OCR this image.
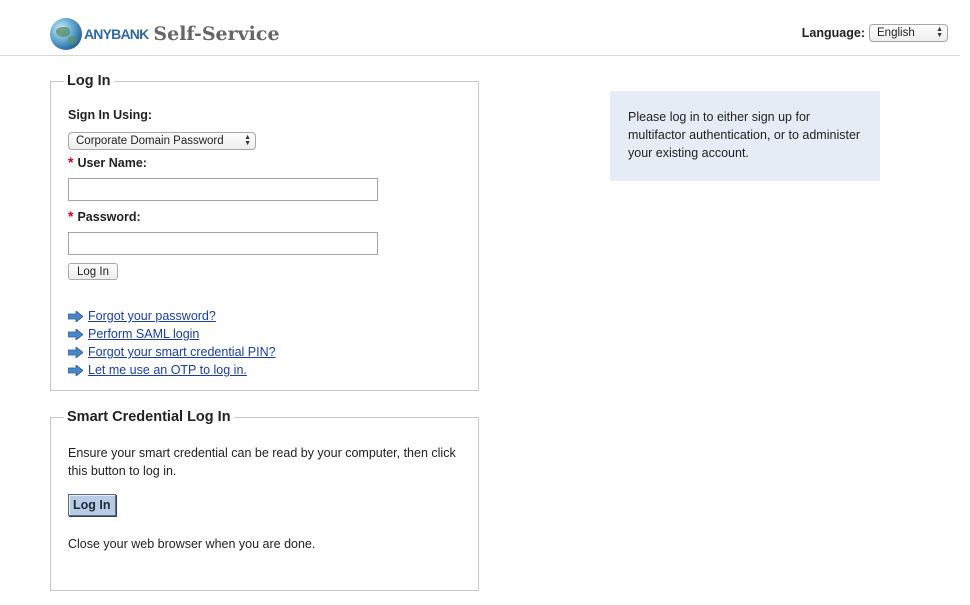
ANYBANK Self-Service	Language: English	▲
▼
Log In
Sign In Using:
Corporate Domain Password	▲
▼
* User Name:
* Password:
Log In
Forgot your password?
Perform SAML login
Forgot your smart credential PIN?
Let me use an OTP to log in.
Smart Credential Log In

Ensure your smart credential can be read by your computer, then click this button to log in.

Log In

Close your web browser when you are done.

Please log in to either sign up for multifactor authentication, or to administer your existing account.
